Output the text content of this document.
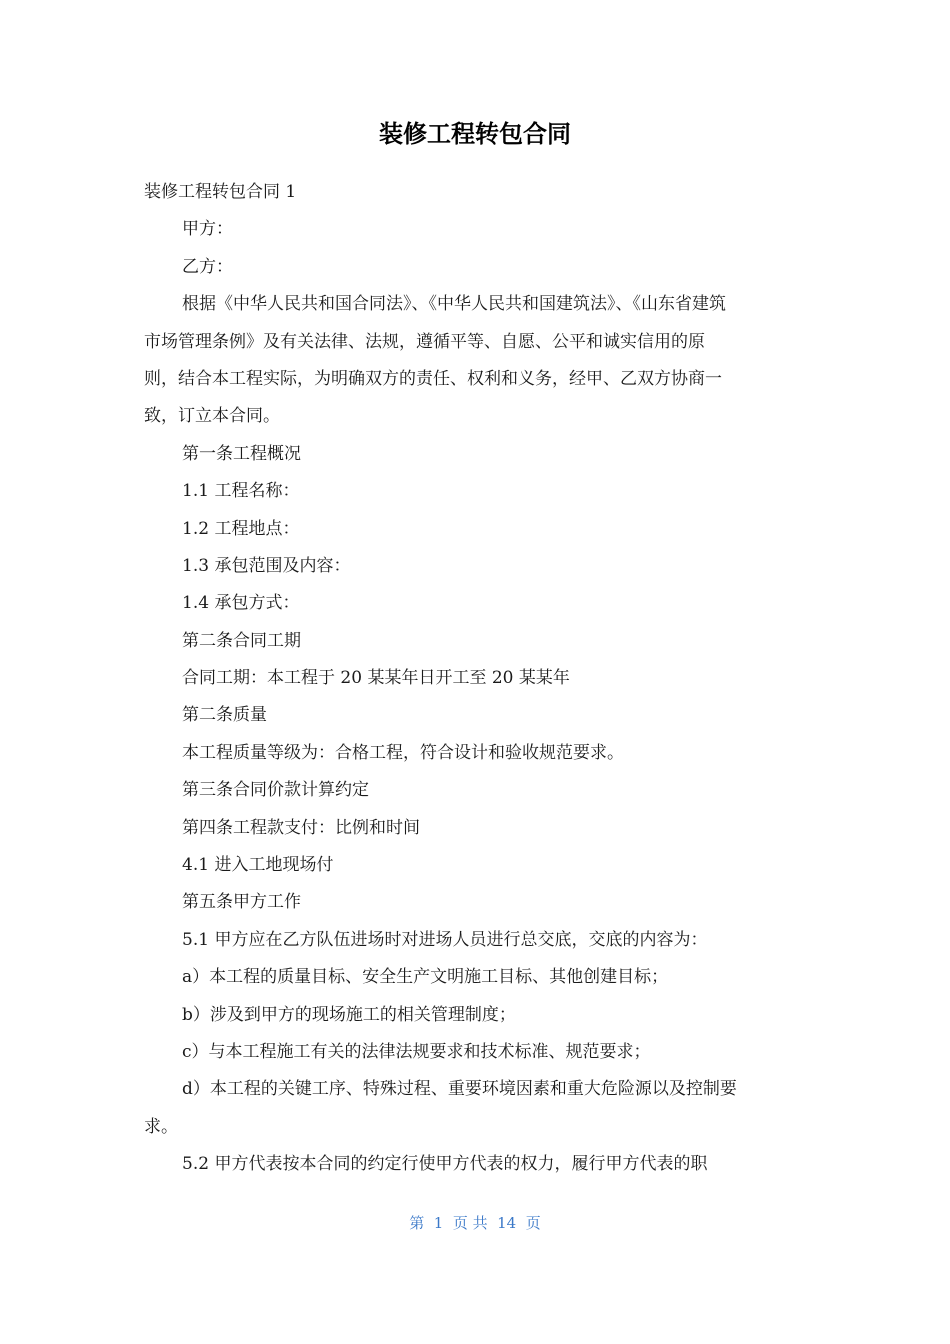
装修工程转包合同
装修工程转包合同 1
甲方：
乙方：
根据《中华人民共和国合同法》、《中华人民共和国建筑法》、《山东省建筑
市场管理条例》及有关法律、法规，遵循平等、自愿、公平和诚实信用的原
则，结合本工程实际，为明确双方的责任、权利和义务，经甲、乙双方协商一
致，订立本合同。
第一条工程概况
1.1 工程名称：
1.2 工程地点：
1.3 承包范围及内容：
1.4 承包方式：
第二条合同工期
合同工期：本工程于 20 某某年日开工至 20 某某年
第二条质量
本工程质量等级为：合格工程，符合设计和验收规范要求。
第三条合同价款计算约定
第四条工程款支付：比例和时间
4.1 进入工地现场付
第五条甲方工作
5.1 甲方应在乙方队伍进场时对进场人员进行总交底，交底的内容为：
a）本工程的质量目标、安全生产文明施工目标、其他创建目标；
b）涉及到甲方的现场施工的相关管理制度；
c）与本工程施工有关的法律法规要求和技术标准、规范要求；
d）本工程的关键工序、特殊过程、重要环境因素和重大危险源以及控制要
求。
5.2 甲方代表按本合同的约定行使甲方代表的权力，履行甲方代表的职
第  1  页 共  14  页
